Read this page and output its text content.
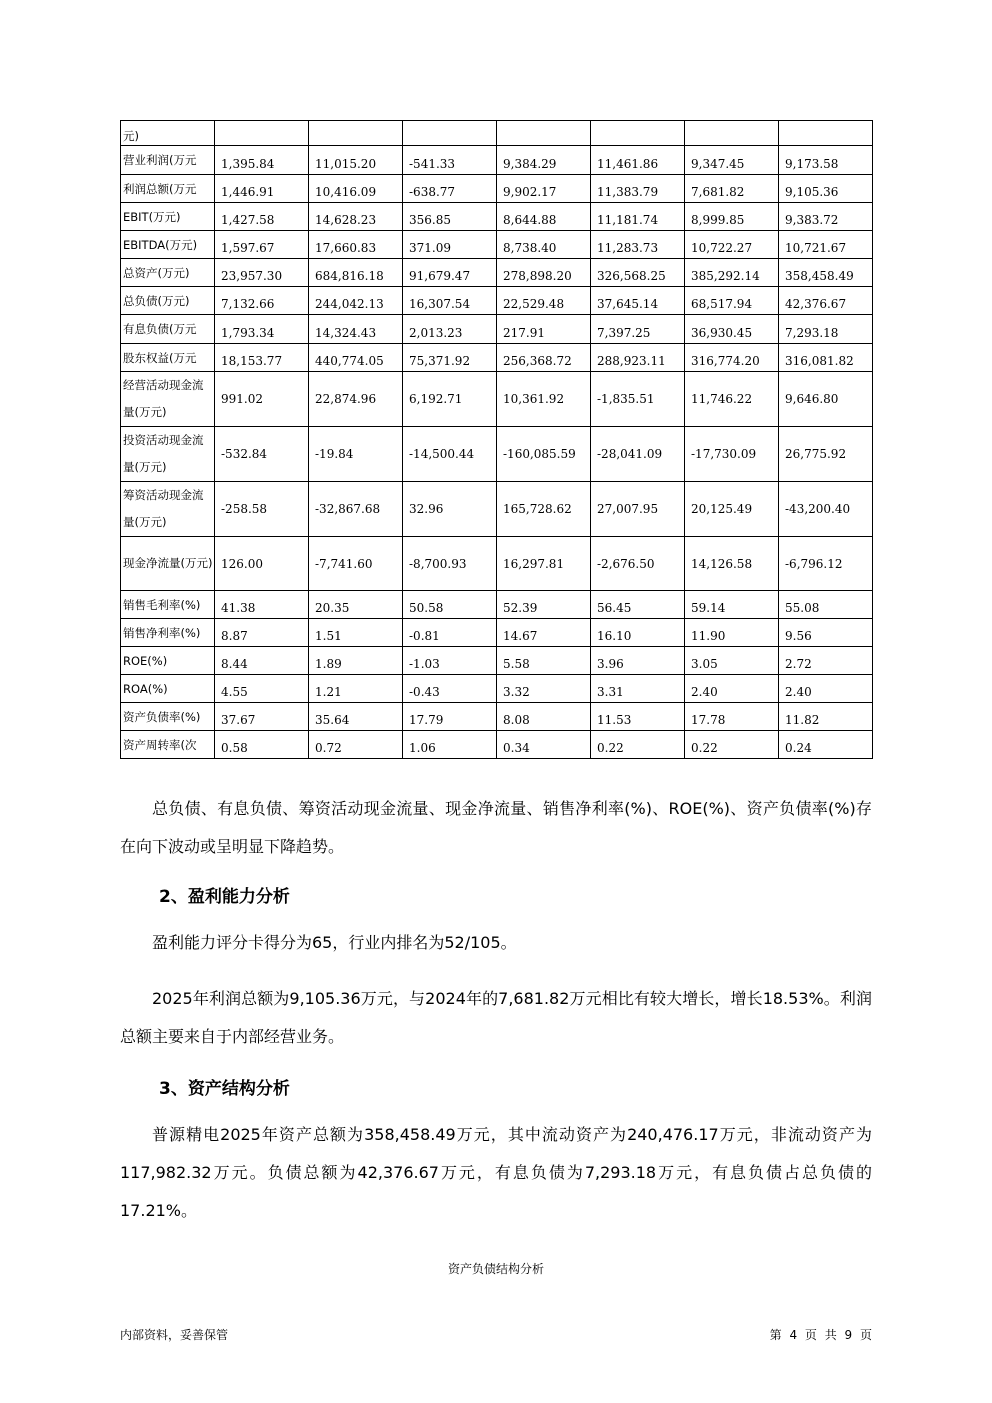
元)							
营业利润(万元	1,395.84	11,015.20	-541.33	9,384.29	11,461.86	9,347.45	9,173.58
利润总额(万元	1,446.91	10,416.09	-638.77	9,902.17	11,383.79	7,681.82	9,105.36
EBIT(万元)	1,427.58	14,628.23	356.85	8,644.88	11,181.74	8,999.85	9,383.72
EBITDA(万元)	1,597.67	17,660.83	371.09	8,738.40	11,283.73	10,722.27	10,721.67
总资产(万元)	23,957.30	684,816.18	91,679.47	278,898.20	326,568.25	385,292.14	358,458.49
总负债(万元)	7,132.66	244,042.13	16,307.54	22,529.48	37,645.14	68,517.94	42,376.67
有息负债(万元	1,793.34	14,324.43	2,013.23	217.91	7,397.25	36,930.45	7,293.18
股东权益(万元	18,153.77	440,774.05	75,371.92	256,368.72	288,923.11	316,774.20	316,081.82
经营活动现金流量(万元)	991.02	22,874.96	6,192.71	10,361.92	-1,835.51	11,746.22	9,646.80
投资活动现金流量(万元)	-532.84	-19.84	-14,500.44	-160,085.59	-28,041.09	-17,730.09	26,775.92
筹资活动现金流量(万元)	-258.58	-32,867.68	32.96	165,728.62	27,007.95	20,125.49	-43,200.40
现金净流量(万元)	126.00	-7,741.60	-8,700.93	16,297.81	-2,676.50	14,126.58	-6,796.12
销售毛利率(%)	41.38	20.35	50.58	52.39	56.45	59.14	55.08
销售净利率(%)	8.87	1.51	-0.81	14.67	16.10	11.90	9.56
ROE(%)	8.44	1.89	-1.03	5.58	3.96	3.05	2.72
ROA(%)	4.55	1.21	-0.43	3.32	3.31	2.40	2.40
资产负债率(%)	37.67	35.64	17.79	8.08	11.53	17.78	11.82
资产周转率(次	0.58	0.72	1.06	0.34	0.22	0.22	0.24

总负债、有息负债、筹资活动现金流量、现金净流量、销售净利率(%)、ROE(%)、资产负债率(%)存在向下波动或呈明显下降趋势。

2、盈利能力分析

盈利能力评分卡得分为65，行业内排名为52/105。

2025年利润总额为9,105.36万元，与2024年的7,681.82万元相比有较大增长，增长18.53%。利润总额主要来自于内部经营业务。

3、资产结构分析

普源精电2025年资产总额为358,458.49万元，其中流动资产为240,476.17万元，非流动资产为117,982.32万元。负债总额为42,376.67万元，有息负债为7,293.18万元，有息负债占总负债的17.21%。

资产负债结构分析
内部资料，妥善保管	第 4 页 共 9 页
